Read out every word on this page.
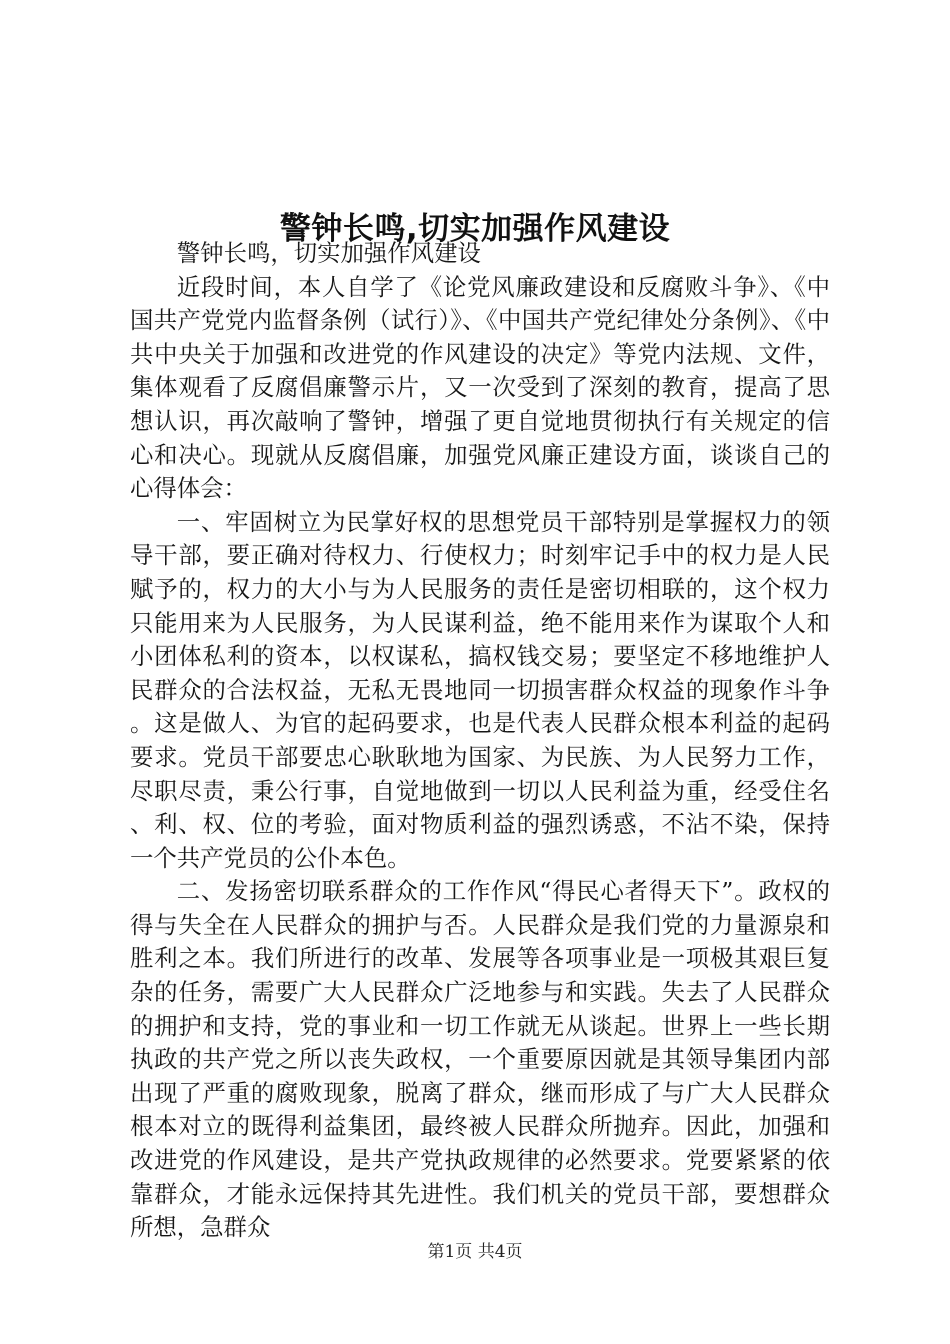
警钟长鸣,切实加强作风建设

警钟长鸣，切实加强作风建设

近段时间，本人自学了《论党风廉政建设和反腐败斗争》、《中国共产党党内监督条例（试行）》、《中国共产党纪律处分条例》、《中共中央关于加强和改进党的作风建设的决定》等党内法规、文件，集体观看了反腐倡廉警示片，又一次受到了深刻的教育，提高了思想认识，再次敲响了警钟，增强了更自觉地贯彻执行有关规定的信心和决心。现就从反腐倡廉，加强党风廉正建设方面，谈谈自己的心得体会：

一、牢固树立为民掌好权的思想党员干部特别是掌握权力的领导干部，要正确对待权力、行使权力；时刻牢记手中的权力是人民赋予的，权力的大小与为人民服务的责任是密切相联的，这个权力只能用来为人民服务，为人民谋利益，绝不能用来作为谋取个人和小团体私利的资本，以权谋私，搞权钱交易；要坚定不移地维护人民群众的合法权益，无私无畏地同一切损害群众权益的现象作斗争。这是做人、为官的起码要求，也是代表人民群众根本利益的起码要求。党员干部要忠心耿耿地为国家、为民族、为人民努力工作，尽职尽责，秉公行事，自觉地做到一切以人民利益为重，经受住名、利、权、位的考验，面对物质利益的强烈诱惑，不沾不染，保持一个共产党员的公仆本色。

二、发扬密切联系群众的工作作风“得民心者得天下”。政权的得与失全在人民群众的拥护与否。人民群众是我们党的力量源泉和胜利之本。我们所进行的改革、发展等各项事业是一项极其艰巨复杂的任务，需要广大人民群众广泛地参与和实践。失去了人民群众的拥护和支持，党的事业和一切工作就无从谈起。世界上一些长期执政的共产党之所以丧失政权，一个重要原因就是其领导集团内部出现了严重的腐败现象，脱离了群众，继而形成了与广大人民群众根本对立的既得利益集团，最终被人民群众所抛弃。因此，加强和改进党的作风建设，是共产党执政规律的必然要求。党要紧紧的依靠群众，才能永远保持其先进性。我们机关的党员干部，要想群众所想，急群众

第1页 共4页
